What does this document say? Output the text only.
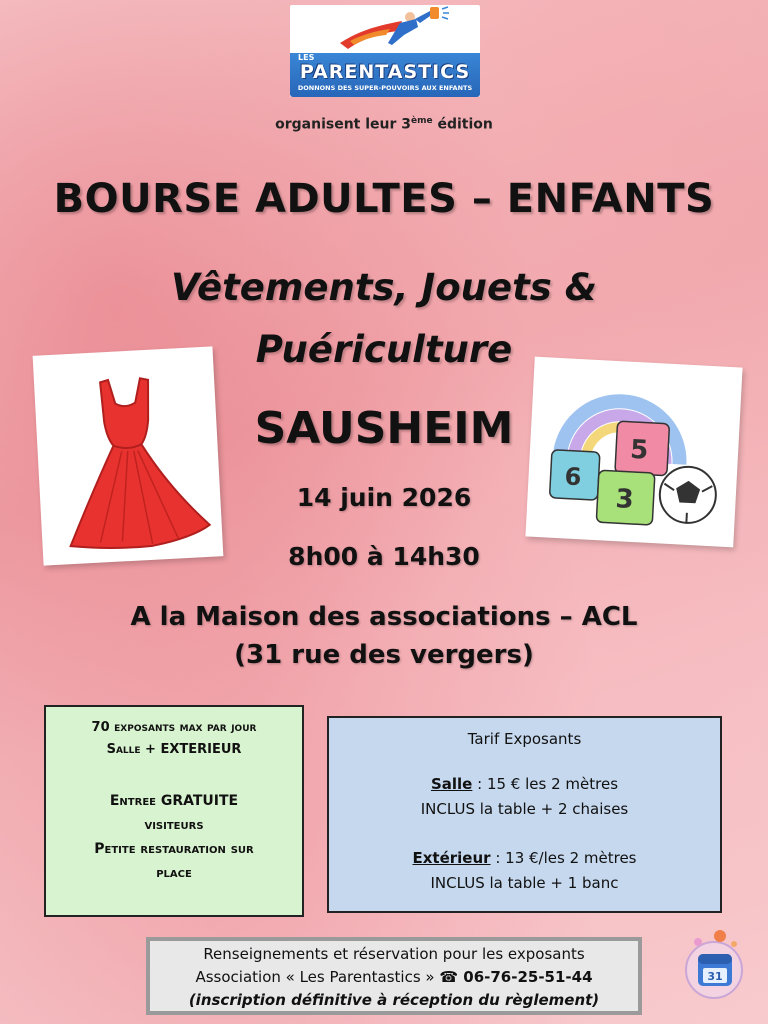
LES
PARENTASTICS
DONNONS DES SUPER-POUVOIRS AUX ENFANTS
organisent leur 3ème édition
BOURSE ADULTES – ENFANTS
Vêtements, Jouets &
Puériculture
6
5
3
SAUSHEIM
14 juin 2026
8h00 à 14h30
A la Maison des associations – ACL
(31 rue des vergers)
70 exposants max par jour
Salle + EXTERIEUR
Entree GRATUITE
visiteurs
Petite restauration sur
place
Tarif Exposants
Salle : 15 € les 2 mètres
INCLUS la table + 2 chaises
Extérieur : 13 €/les 2 mètres
INCLUS la table + 1 banc
Renseignements et réservation pour les exposants
Association « Les Parentastics » ☎ 06-76-25-51-44
(inscription définitive à réception du règlement)
31
